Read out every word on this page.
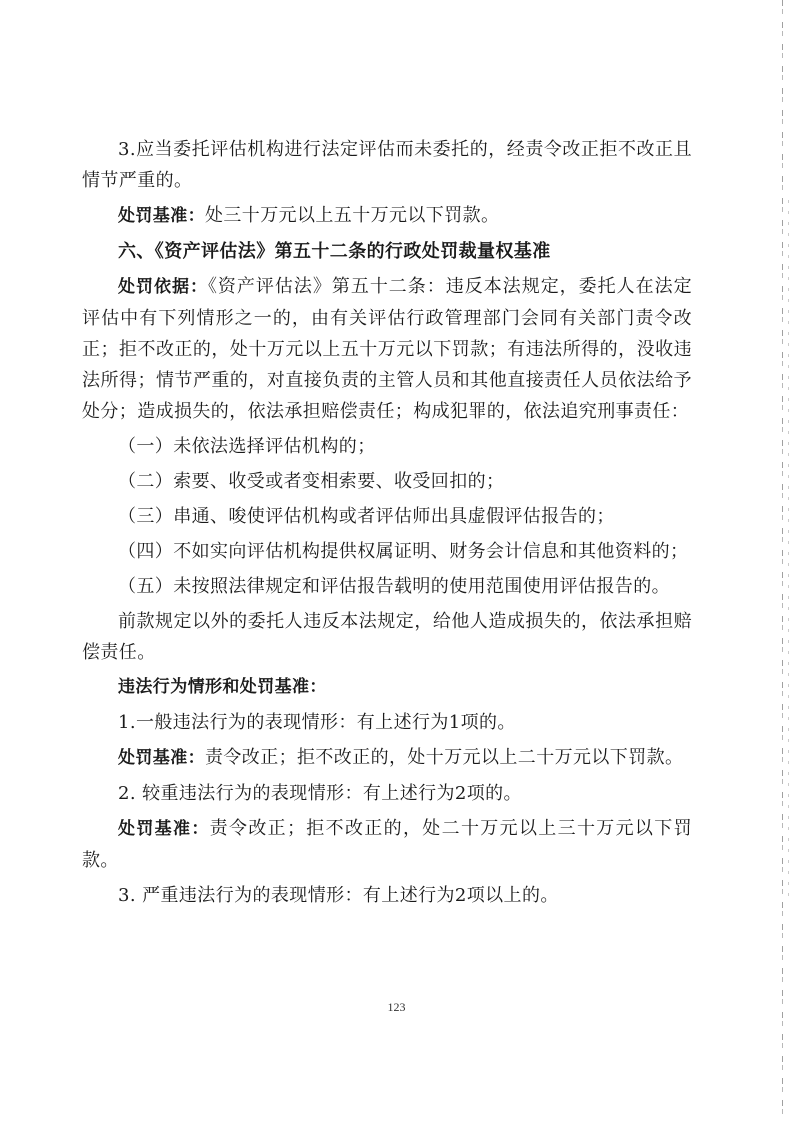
3.应当委托评估机构进行法定评估而未委托的，经责令改正拒不改正且情节严重的。

处罚基准：处三十万元以上五十万元以下罚款。

六、《资产评估法》第五十二条的行政处罚裁量权基准

处罚依据：《资产评估法》第五十二条：违反本法规定，委托人在法定评估中有下列情形之一的，由有关评估行政管理部门会同有关部门责令改正；拒不改正的，处十万元以上五十万元以下罚款；有违法所得的，没收违法所得；情节严重的，对直接负责的主管人员和其他直接责任人员依法给予处分；造成损失的，依法承担赔偿责任；构成犯罪的，依法追究刑事责任：

（一）未依法选择评估机构的；

（二）索要、收受或者变相索要、收受回扣的；

（三）串通、唆使评估机构或者评估师出具虚假评估报告的；

（四）不如实向评估机构提供权属证明、财务会计信息和其他资料的；

（五）未按照法律规定和评估报告载明的使用范围使用评估报告的。

前款规定以外的委托人违反本法规定，给他人造成损失的，依法承担赔偿责任。

违法行为情形和处罚基准：

1.一般违法行为的表现情形：有上述行为1项的。

处罚基准：责令改正；拒不改正的，处十万元以上二十万元以下罚款。

2. 较重违法行为的表现情形：有上述行为2项的。

处罚基准：责令改正；拒不改正的，处二十万元以上三十万元以下罚款。

3. 严重违法行为的表现情形：有上述行为2项以上的。

123
